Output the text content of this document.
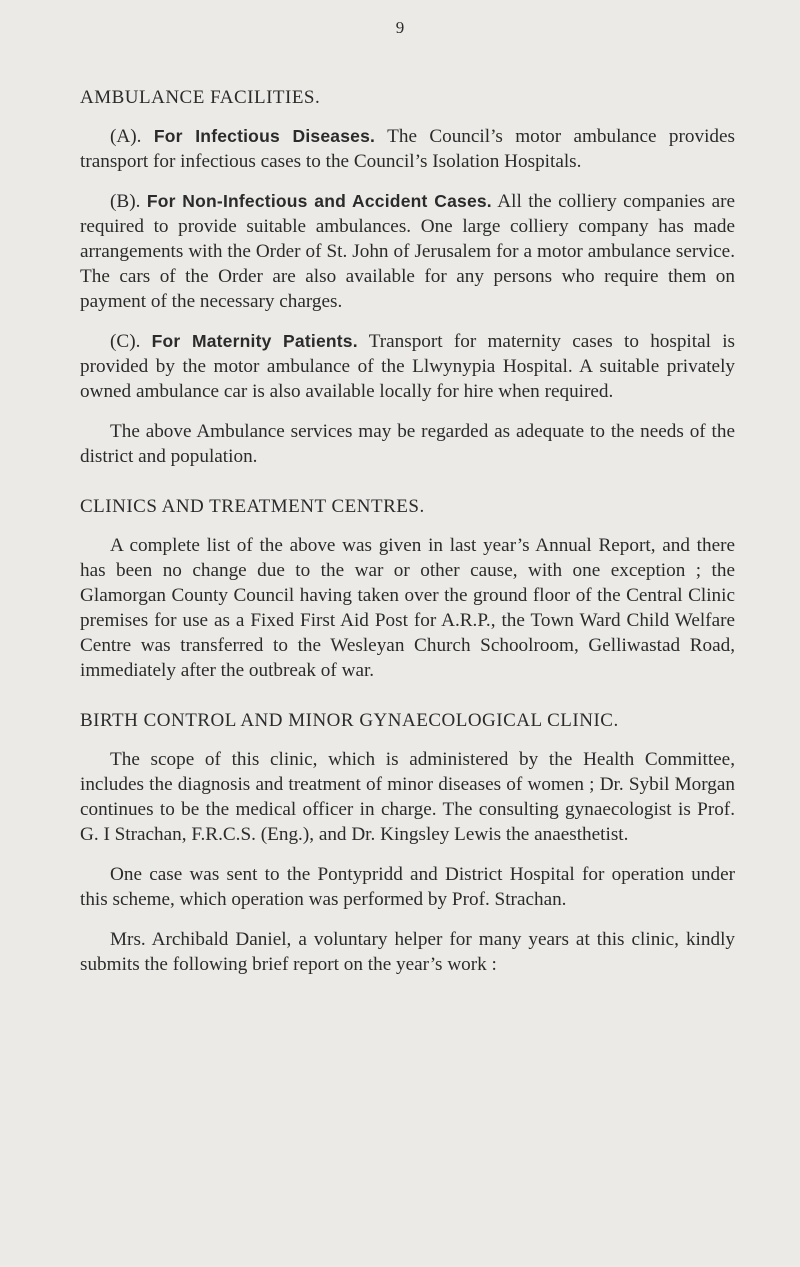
9
AMBULANCE FACILITIES.

(A). For Infectious Diseases. The Council’s motor ambulance provides transport for infectious cases to the Council’s Isolation Hospitals.

(B). For Non-Infectious and Accident Cases. All the colliery companies are required to provide suitable ambulances. One large colliery company has made arrangements with the Order of St. John of Jerusalem for a motor ambulance service. The cars of the Order are also available for any persons who require them on payment of the necessary charges.

(C). For Maternity Patients. Transport for maternity cases to hospital is provided by the motor ambulance of the Llwynypia Hospital. A suitable privately owned ambulance car is also available locally for hire when required.

The above Ambulance services may be regarded as adequate to the needs of the district and population.

CLINICS AND TREATMENT CENTRES.

A complete list of the above was given in last year’s Annual Report, and there has been no change due to the war or other cause, with one exception ; the Glamorgan County Council having taken over the ground floor of the Central Clinic premises for use as a Fixed First Aid Post for A.R.P., the Town Ward Child Welfare Centre was transferred to the Wesleyan Church Schoolroom, Gelliwastad Road, immediately after the outbreak of war.

BIRTH CONTROL AND MINOR GYNAECOLOGICAL CLINIC.

The scope of this clinic, which is administered by the Health Committee, includes the diagnosis and treatment of minor diseases of women ; Dr. Sybil Morgan continues to be the medical officer in charge. The consulting gynaecologist is Prof. G. I Strachan, F.R.C.S. (Eng.), and Dr. Kingsley Lewis the anaesthetist.

One case was sent to the Pontypridd and District Hospital for operation under this scheme, which operation was performed by Prof. Strachan.

Mrs. Archibald Daniel, a voluntary helper for many years at this clinic, kindly submits the following brief report on the year’s work :
